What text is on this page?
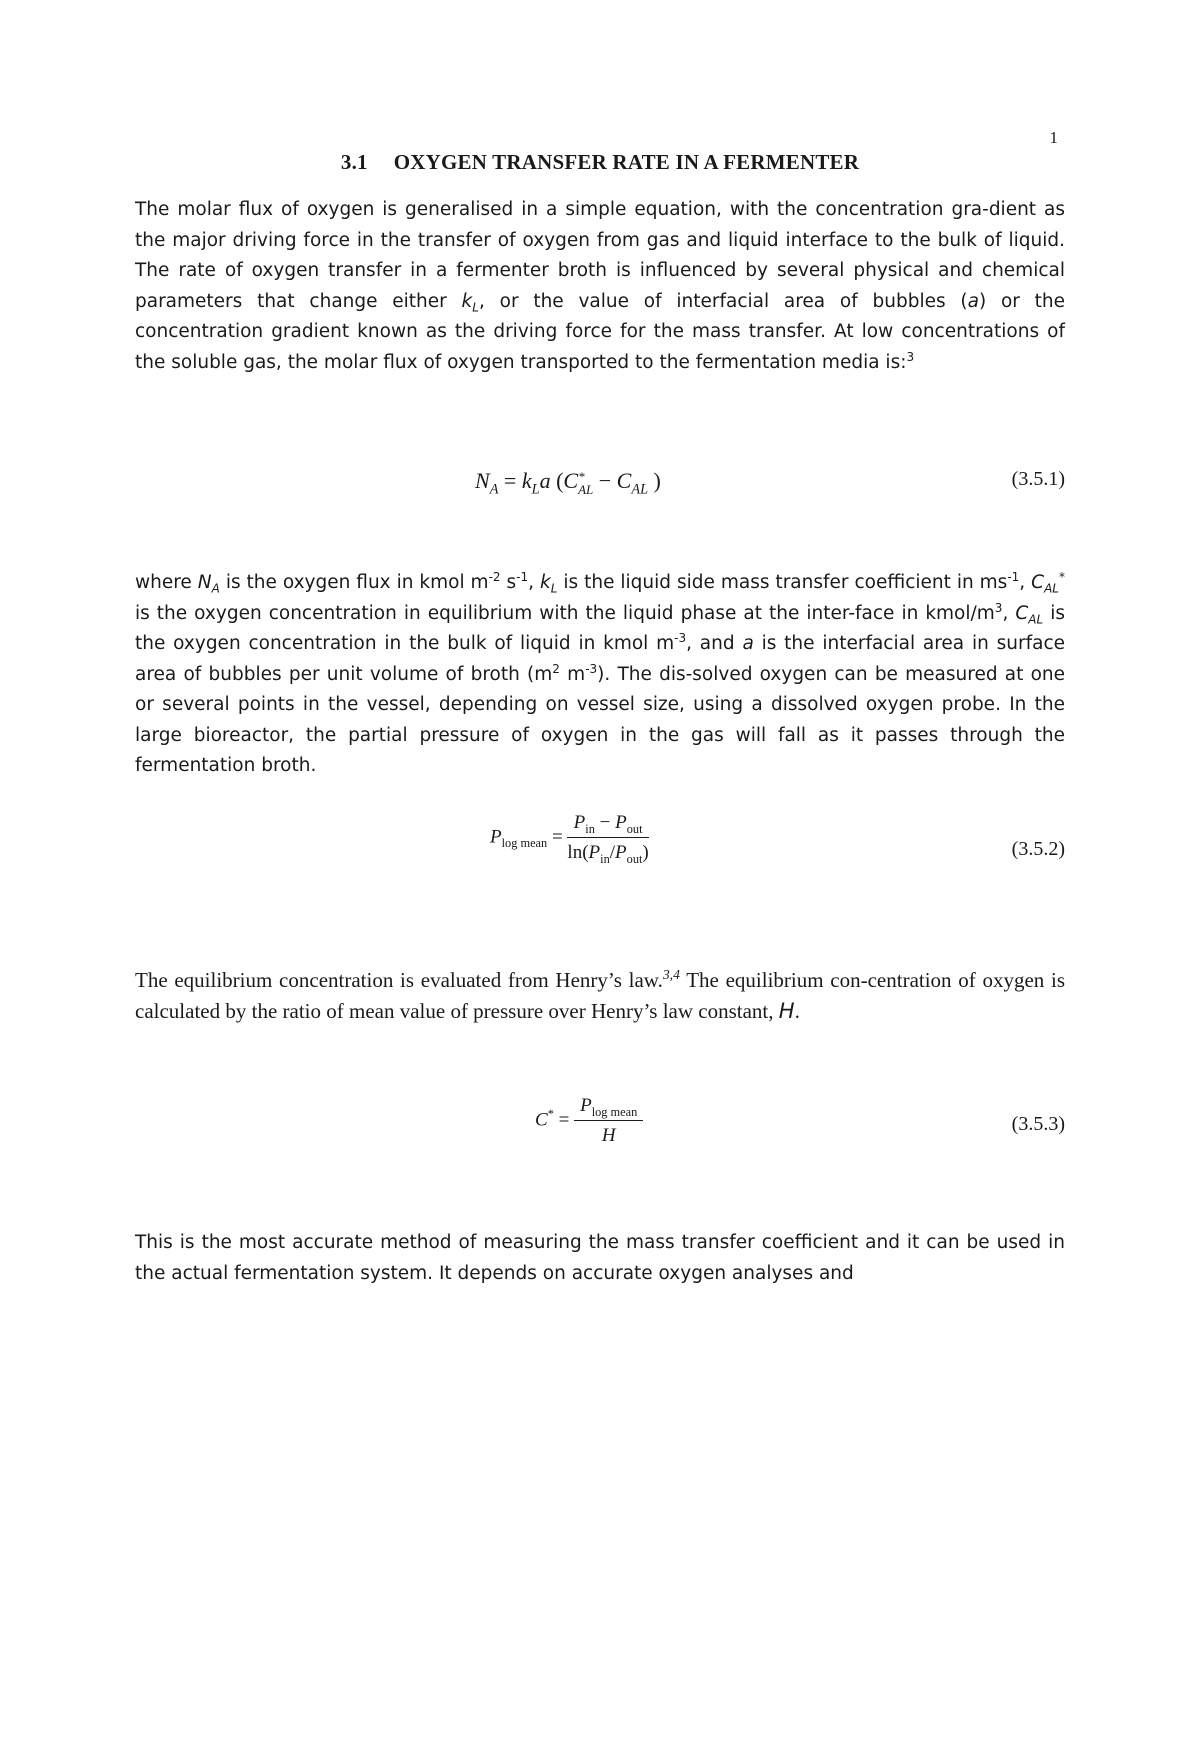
1
3.1 OXYGEN TRANSFER RATE IN A FERMENTER

The molar flux of oxygen is generalised in a simple equation, with the concentration gra-dient as the major driving force in the transfer of oxygen from gas and liquid interface to the bulk of liquid. The rate of oxygen transfer in a fermenter broth is influenced by several physical and chemical parameters that change either $k_L$, or the value of interfacial area of bubbles (a) or the concentration gradient known as the driving force for the mass transfer. At low concentrations of the soluble gas, the molar flux of oxygen transported to the fermentation media is:$^3$

$N_A = k_La$ (C *
AL − $C_{AL}$ )	(3.5.1)

where $N_A$ is the oxygen flux in kmol $m^{-2}$ $s^{-1}$, $k_L$ is the liquid side mass transfer coefficient in $ms^{-1}$, $C_{AL}^*$ is the oxygen concentration in equilibrium with the liquid phase at the inter-face in kmol/$m^3$, $C_{AL}$ is the oxygen concentration in the bulk of liquid in kmol $m^{-3}$, and a is the interfacial area in surface area of bubbles per unit volume of broth ($m^2$ $m^{-3}$). The dis-solved oxygen can be measured at one or several points in the vessel, depending on vessel size, using a dissolved oxygen probe. In the large bioreactor, the partial pressure of oxygen in the gas will fall as it passes through the fermentation broth.

$P_{log mean} = \frac{P_{in} - P_{out}}{\ln(P_{in}/P_{out})}$	(3.5.2)

The equilibrium concentration is evaluated from Henry’s law.$^{3,4}$ The equilibrium con-centration of oxygen is calculated by the ratio of mean value of pressure over Henry’s law constant, H.

$C^* = \frac{P_{log mean}}{H}$	(3.5.3)

This is the most accurate method of measuring the mass transfer coefficient and it can be used in the actual fermentation system. It depends on accurate oxygen analyses and
